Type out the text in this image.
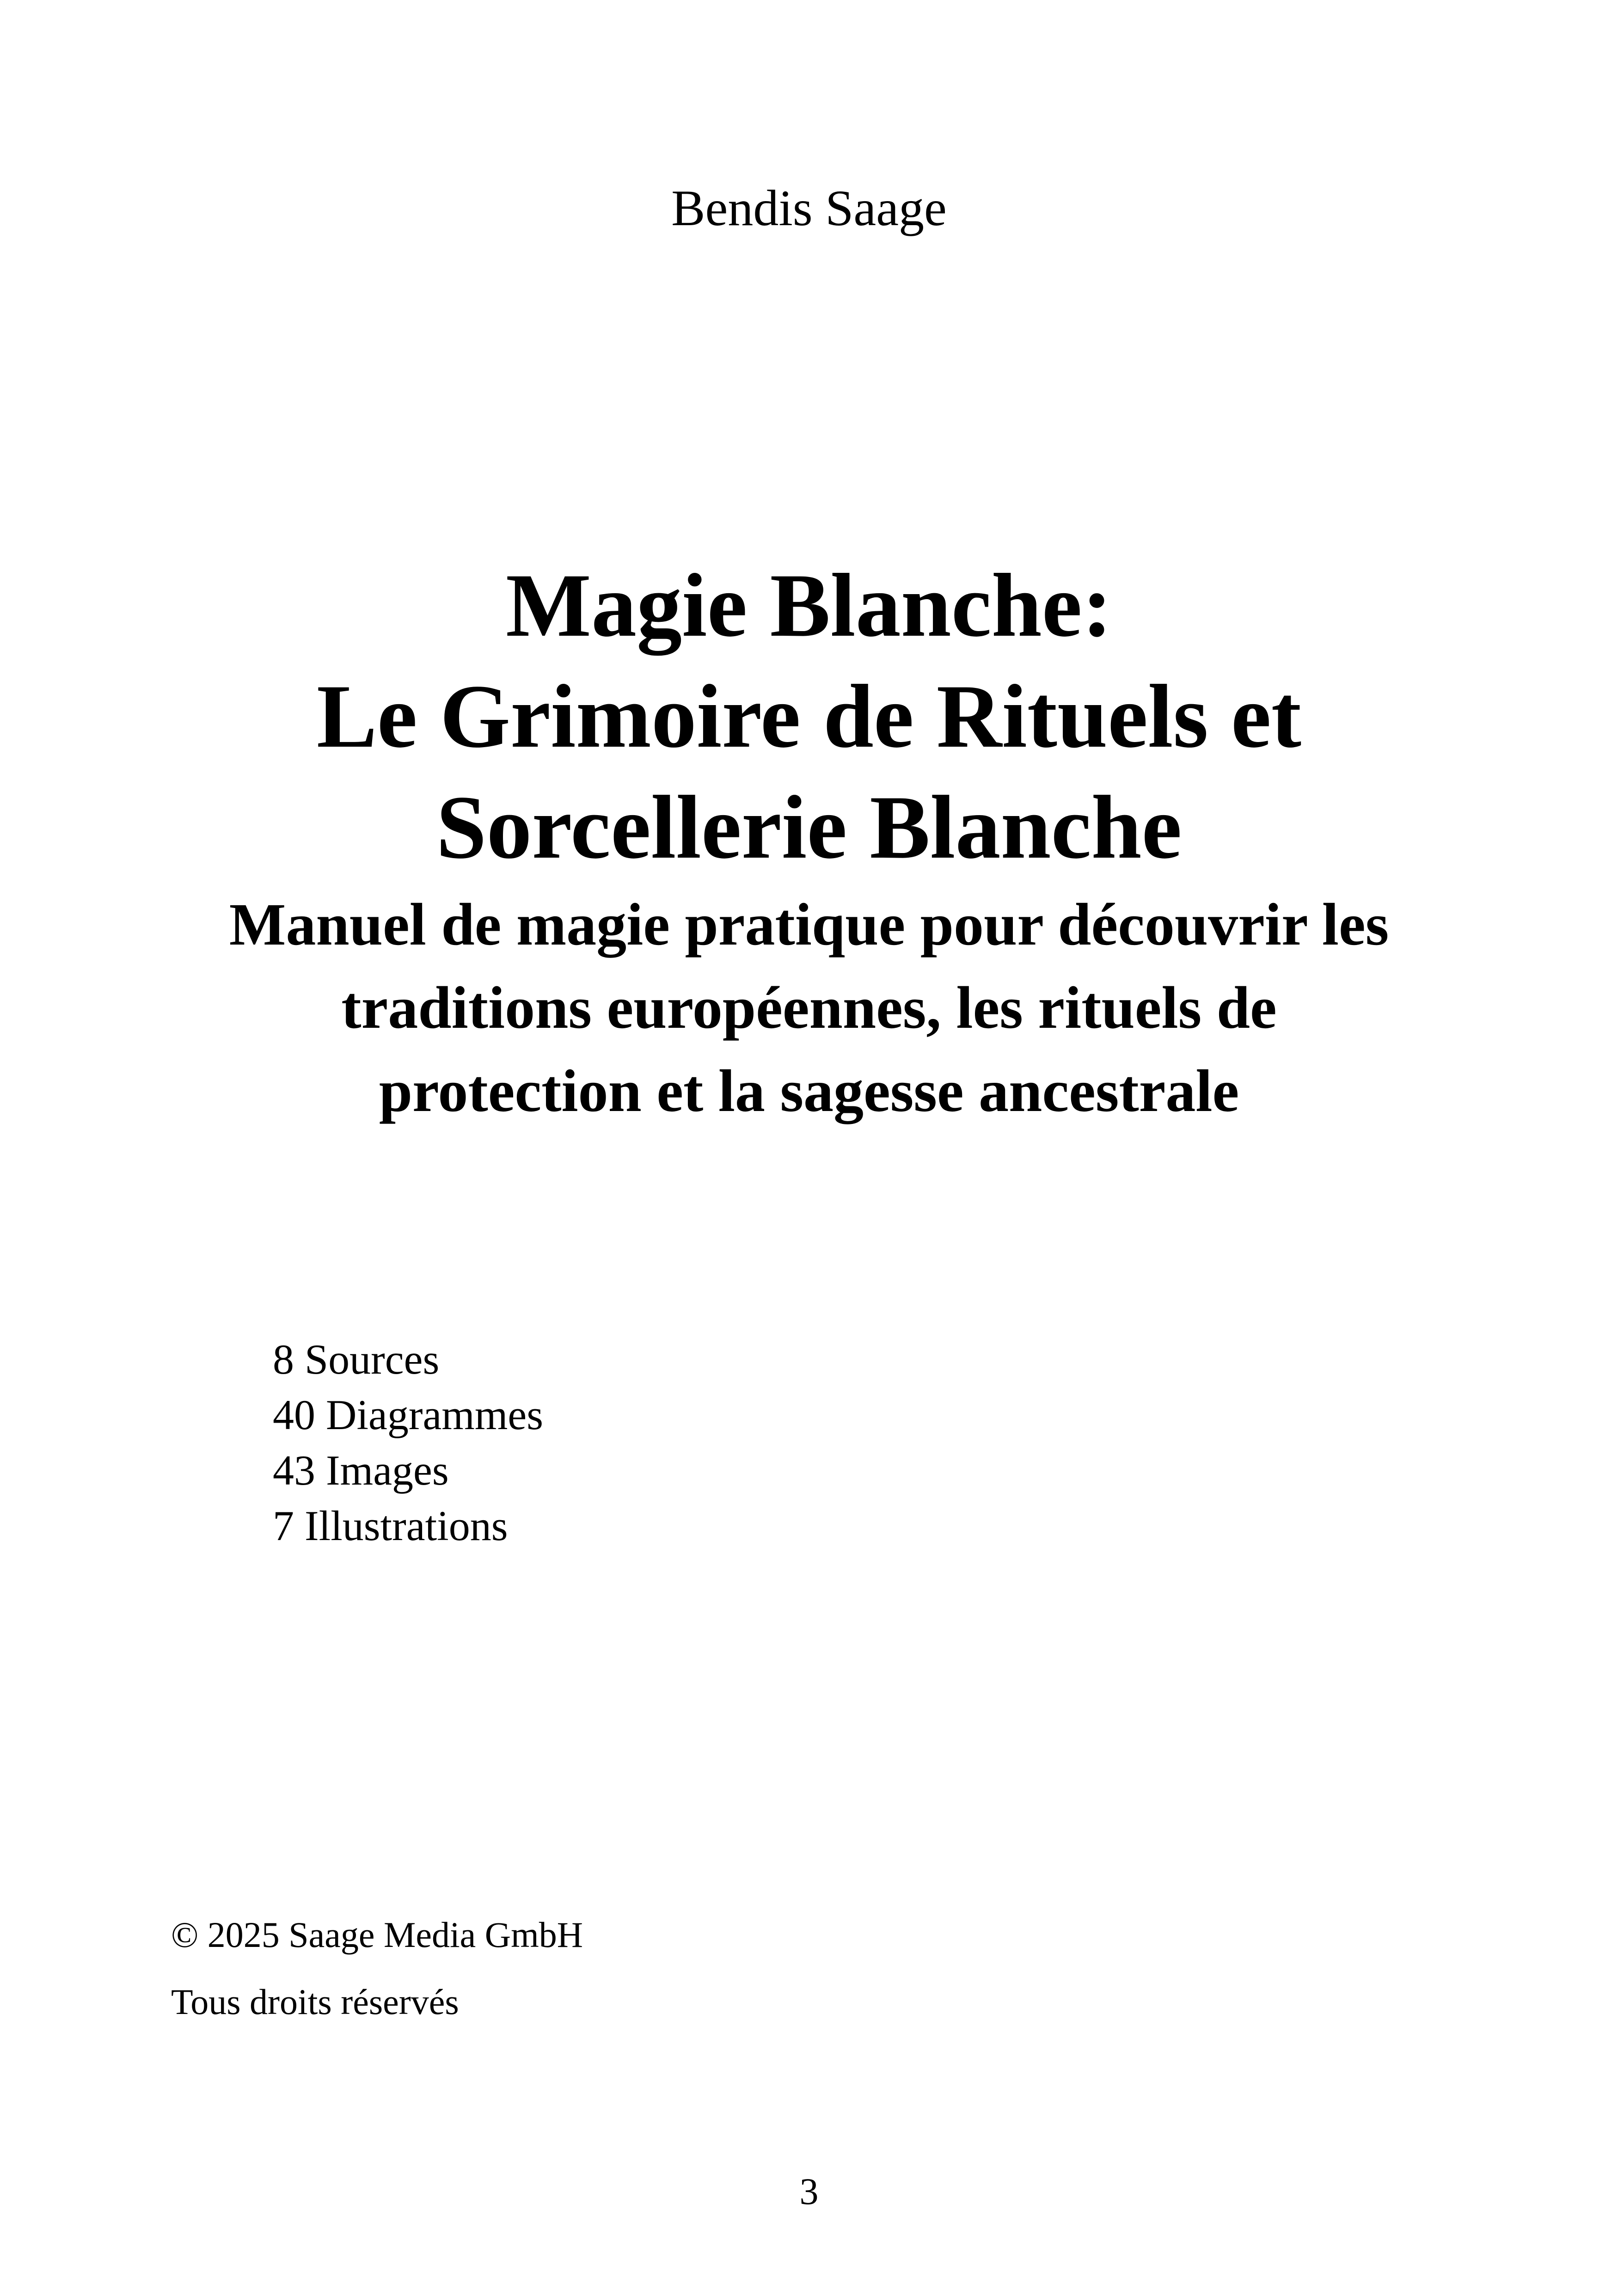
Bendis Saage
Magie Blanche:
Le Grimoire de Rituels et
Sorcellerie Blanche
Manuel de magie pratique pour découvrir les
traditions européennes, les rituels de
protection et la sagesse ancestrale
8 Sources
40 Diagrammes
43 Images
7 Illustrations
© 2025 Saage Media GmbH
Tous droits réservés
3
